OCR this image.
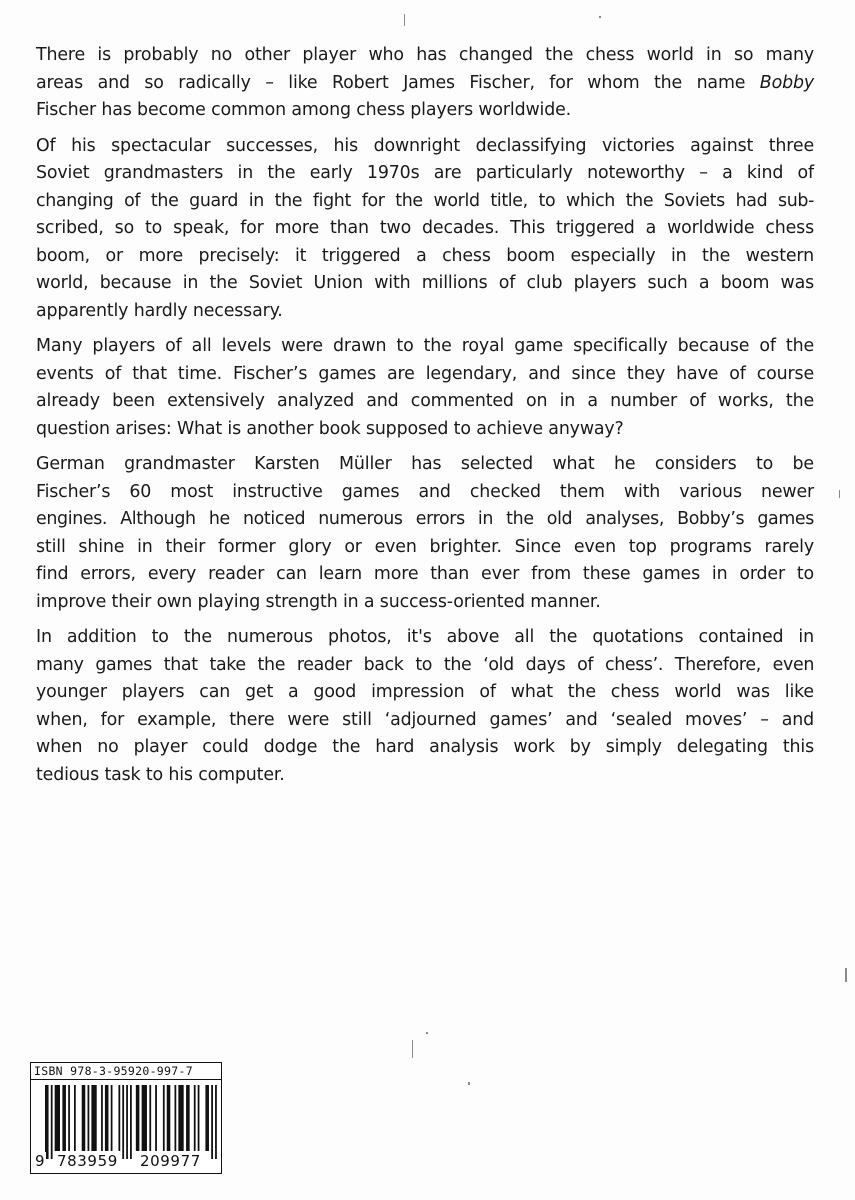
There is probably no other player who has changed the chess world in so many
areas and so radically – like Robert James Fischer, for whom the name Bobby
Fischer has become common among chess players worldwide.

Of his spectacular successes, his downright declassifying victories against three
Soviet grandmasters in the early 1970s are particularly noteworthy – a kind of
changing of the guard in the fight for the world title, to which the Soviets had sub-
scribed, so to speak, for more than two decades. This triggered a worldwide chess
boom, or more precisely: it triggered a chess boom especially in the western
world, because in the Soviet Union with millions of club players such a boom was
apparently hardly necessary.

Many players of all levels were drawn to the royal game specifically because of the
events of that time. Fischer’s games are legendary, and since they have of course
already been extensively analyzed and commented on in a number of works, the
question arises: What is another book supposed to achieve anyway?

German grandmaster Karsten Müller has selected what he considers to be
Fischer’s 60 most instructive games and checked them with various newer
engines. Although he noticed numerous errors in the old analyses, Bobby’s games
still shine in their former glory or even brighter. Since even top programs rarely
find errors, every reader can learn more than ever from these games in order to
improve their own playing strength in a success-oriented manner.

In addition to the numerous photos, it's above all the quotations contained in
many games that take the reader back to the ‘old days of chess’. Therefore, even
younger players can get a good impression of what the chess world was like
when, for example, there were still ‘adjourned games’ and ‘sealed moves’ – and
when no player could dodge the hard analysis work by simply delegating this
tedious task to his computer.

ISBN 978-3-95920-997-7
9 783959 209977
